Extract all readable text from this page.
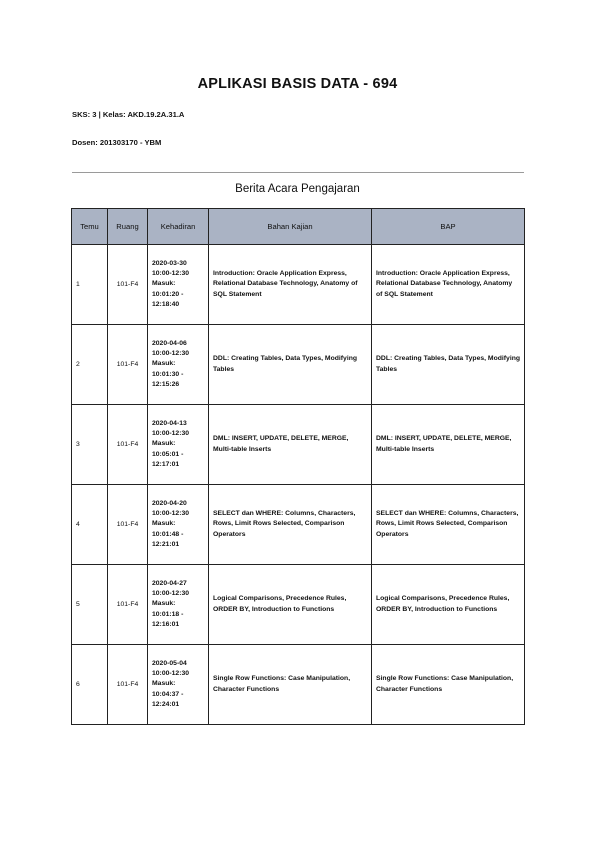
APLIKASI BASIS DATA - 694
SKS: 3 | Kelas: AKD.19.2A.31.A
Dosen: 201303170 - YBM
Berita Acara Pengajaran
Temu	Ruang	Kehadiran	Bahan Kajian	BAP
1	101-F4	2020-03-30
10:00-12:30
Masuk:
10:01:20 -
12:18:40	Introduction: Oracle Application Express, Relational Database Technology, Anatomy of SQL Statement	Introduction: Oracle Application Express, Relational Database Technology, Anatomy of SQL Statement
2	101-F4	2020-04-06
10:00-12:30
Masuk:
10:01:30 -
12:15:26	DDL: Creating Tables, Data Types, Modifying Tables	DDL: Creating Tables, Data Types, Modifying Tables
3	101-F4	2020-04-13
10:00-12:30
Masuk:
10:05:01 -
12:17:01	DML: INSERT, UPDATE, DELETE, MERGE, Multi-table Inserts	DML: INSERT, UPDATE, DELETE, MERGE, Multi-table Inserts
4	101-F4	2020-04-20
10:00-12:30
Masuk:
10:01:48 -
12:21:01	SELECT dan WHERE: Columns, Characters, Rows, Limit Rows Selected, Comparison Operators	SELECT dan WHERE: Columns, Characters, Rows, Limit Rows Selected, Comparison Operators
5	101-F4	2020-04-27
10:00-12:30
Masuk:
10:01:18 -
12:16:01	Logical Comparisons, Precedence Rules, ORDER BY, Introduction to Functions	Logical Comparisons, Precedence Rules, ORDER BY, Introduction to Functions
6	101-F4	2020-05-04
10:00-12:30
Masuk:
10:04:37 -
12:24:01	Single Row Functions: Case Manipulation, Character Functions	Single Row Functions: Case Manipulation, Character Functions
